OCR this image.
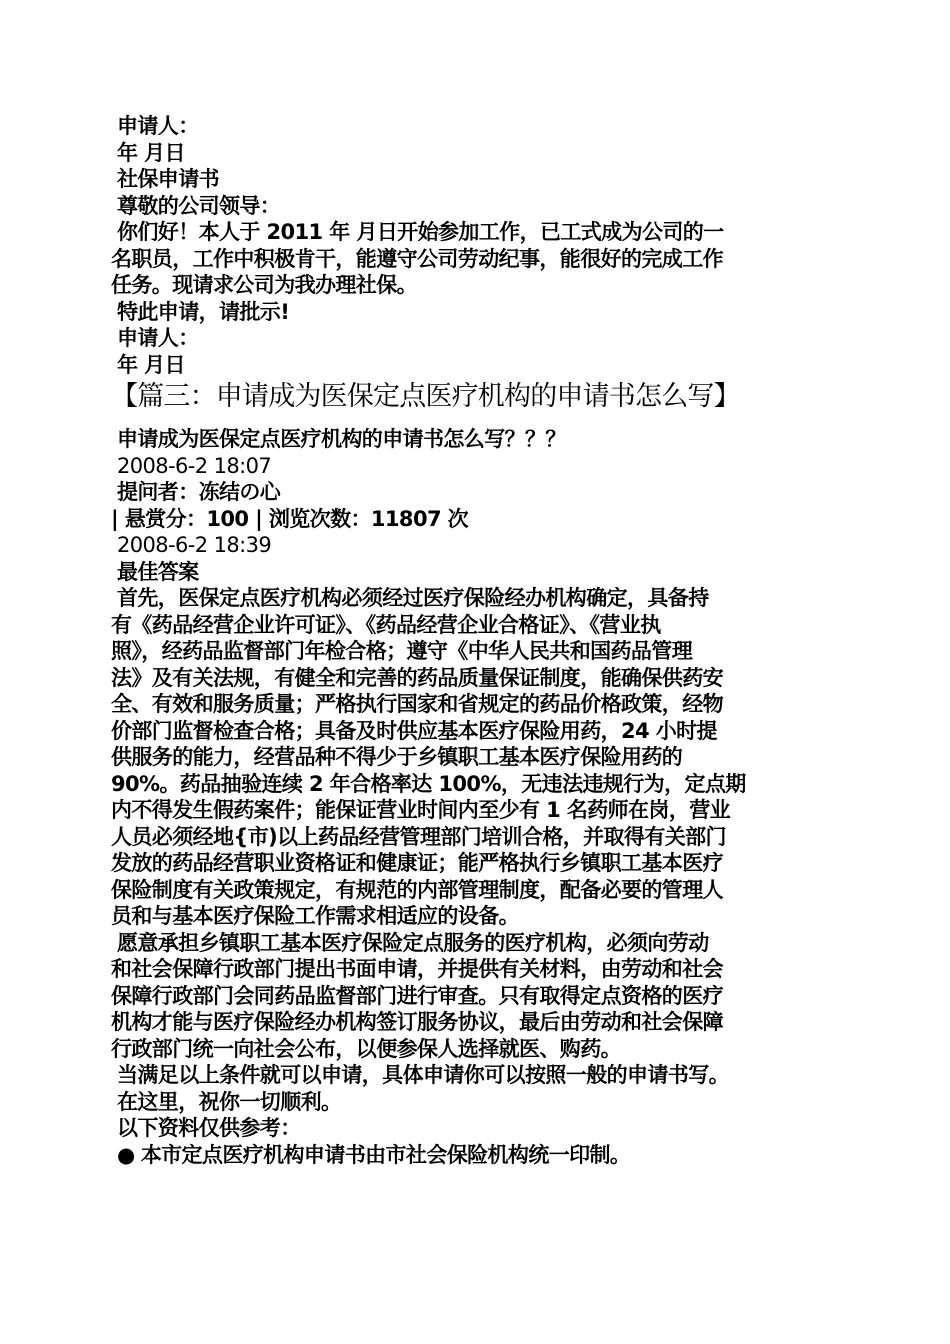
申请人：
年 月日
社保申请书
尊敬的公司领导：
你们好！本人于 2011 年 月日开始参加工作，已工式成为公司的一
名职员，工作中积极肯干，能遵守公司劳动纪事，能很好的完成工作
任务。现请求公司为我办理社保。
特此申请，请批示!
申请人：
年 月日
【篇三：申请成为医保定点医疗机构的申请书怎么写】
申请成为医保定点医疗机构的申请书怎么写？？？
2008-6-2 18:07
提问者：冻结の心
| 悬赏分：100 | 浏览次数：11807 次
2008-6-2 18:39
最佳答案
首先，医保定点医疗机构必须经过医疗保险经办机构确定，具备持
有《药品经营企业许可证》、《药品经营企业合格证》、《营业执
照》，经药品监督部门年检合格；遵守《中华人民共和国药品管理
法》及有关法规，有健全和完善的药品质量保证制度，能确保供药安
全、有效和服务质量；严格执行国家和省规定的药品价格政策，经物
价部门监督检查合格；具备及时供应基本医疗保险用药，24 小时提
供服务的能力，经营品种不得少于乡镇职工基本医疗保险用药的
90%。药品抽验连续 2 年合格率达 100%，无违法违规行为，定点期
内不得发生假药案件；能保证营业时间内至少有 1 名药师在岗，营业
人员必须经地{市)以上药品经营管理部门培训合格，并取得有关部门
发放的药品经营职业资格证和健康证；能严格执行乡镇职工基本医疗
保险制度有关政策规定，有规范的内部管理制度，配备必要的管理人
员和与基本医疗保险工作需求相适应的设备。
愿意承担乡镇职工基本医疗保险定点服务的医疗机构，必须向劳动
和社会保障行政部门提出书面申请，并提供有关材料，由劳动和社会
保障行政部门会同药品监督部门进行审查。只有取得定点资格的医疗
机构才能与医疗保险经办机构签订服务协议，最后由劳动和社会保障
行政部门统一向社会公布，以便参保人选择就医、购药。
当满足以上条件就可以申请，具体申请你可以按照一般的申请书写。
在这里，祝你一切顺利。
以下资料仅供参考：
● 本市定点医疗机构申请书由市社会保险机构统一印制。
